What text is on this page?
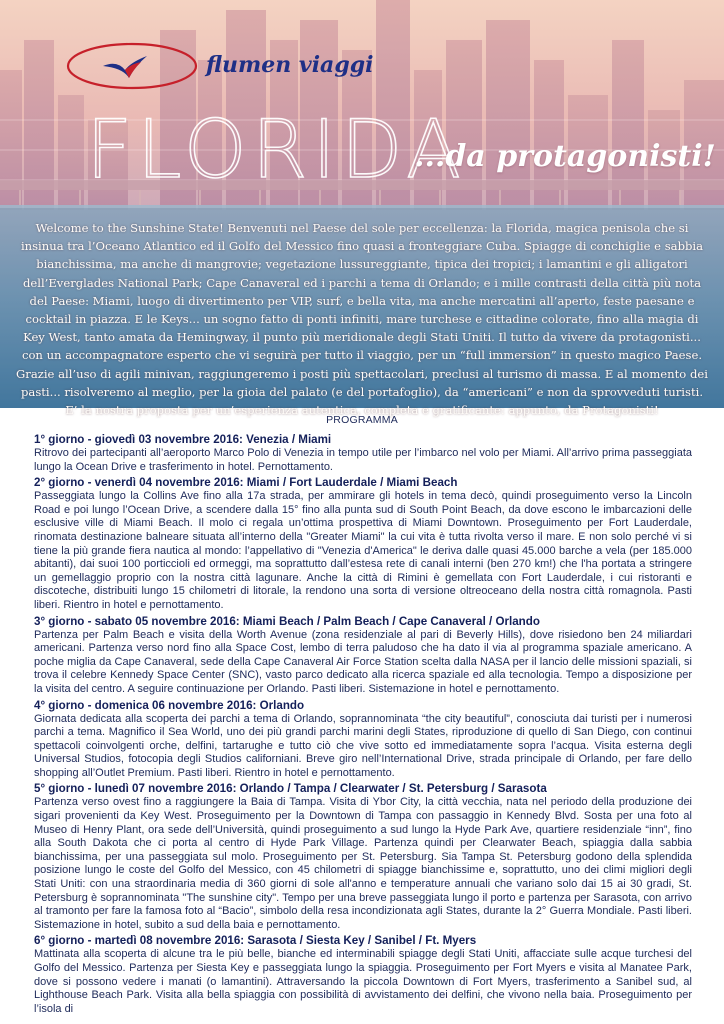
flumen viaggi
FLORIDA
...da protagonisti!
Welcome to the Sunshine State! Benvenuti nel Paese del sole per eccellenza: la Florida, magica penisola che si insinua tra l’Oceano Atlantico ed il Golfo del Messico fino quasi a fronteggiare Cuba. Spiagge di conchiglie e sabbia bianchissima, ma anche di mangrovie; vegetazione lussureggiante, tipica dei tropici; i lamantini e gli alligatori dell’Everglades National Park; Cape Canaveral ed i parchi a tema di Orlando; e i mille contrasti della città più nota del Paese: Miami, luogo di divertimento per VIP, surf, e bella vita, ma anche mercatini all’aperto, feste paesane e cocktail in piazza. E le Keys... un sogno fatto di ponti infiniti, mare turchese e cittadine colorate, fino alla magia di Key West, tanto amata da Hemingway, il punto più meridionale degli Stati Uniti. Il tutto da vivere da protagonisti... con un accompagnatore esperto che vi seguirà per tutto il viaggio, per un “full immersion” in questo magico Paese. Grazie all’uso di agili minivan, raggiungeremo i posti più spettacolari, preclusi al turismo di massa. E al momento dei pasti... risolveremo al meglio, per la gioia del palato (e del portafoglio), da “americani” e non da sprovveduti turisti. E’ la nostra proposta per un’esperienza autentica, completa e gratificante: appunto, da Protagonisti!
PROGRAMMA
1° giorno - giovedì 03 novembre 2016: Venezia / Miami

Ritrovo dei partecipanti all’aeroporto Marco Polo di Venezia in tempo utile per l’imbarco nel volo per Miami. All’arrivo prima passeggiata lungo la Ocean Drive e trasferimento in hotel. Pernottamento.

2° giorno - venerdì 04 novembre 2016: Miami / Fort Lauderdale / Miami Beach

Passeggiata lungo la Collins Ave fino alla 17a strada, per ammirare gli hotels in tema decò, quindi proseguimento verso la Lincoln Road e poi lungo l’Ocean Drive, a scendere dalla 15° fino alla punta sud di South Point Beach, da dove escono le imbarcazioni delle esclusive ville di Miami Beach. Il molo ci regala un’ottima prospettiva di Miami Downtown. Proseguimento per Fort Lauderdale, rinomata destinazione balneare situata all’interno della "Greater Miami" la cui vita è tutta rivolta verso il mare. E non solo perché vi si tiene la più grande fiera nautica al mondo: l’appellativo di "Venezia d'America" le deriva dalle quasi 45.000 barche a vela (per 185.000 abitanti), dai suoi 100 porticcioli ed ormeggi, ma soprattutto dall’estesa rete di canali interni (ben 270 km!) che l'ha portata a stringere un gemellaggio proprio con la nostra città lagunare. Anche la città di Rimini è gemellata con Fort Lauderdale, i cui ristoranti e discoteche, distribuiti lungo 15 chilometri di litorale, la rendono una sorta di versione oltreoceano della nostra città romagnola. Pasti liberi. Rientro in hotel e pernottamento.

3° giorno - sabato 05 novembre 2016: Miami Beach / Palm Beach / Cape Canaveral / Orlando

Partenza per Palm Beach e visita della Worth Avenue (zona residenziale al pari di Beverly Hills), dove risiedono ben 24 miliardari americani. Partenza verso nord fino alla Space Cost, lembo di terra paludoso che ha dato il via al programma spaziale americano. A poche miglia da Cape Canaveral, sede della Cape Canaveral Air Force Station scelta dalla NASA per il lancio delle missioni spaziali, si trova il celebre Kennedy Space Center (SNC), vasto parco dedicato alla ricerca spaziale ed alla tecnologia. Tempo a disposizione per la visita del centro. A seguire continuazione per Orlando. Pasti liberi. Sistemazione in hotel e pernottamento.

4° giorno - domenica 06 novembre 2016: Orlando

Giornata dedicata alla scoperta dei parchi a tema di Orlando, soprannominata “the city beautiful”, conosciuta dai turisti per i numerosi parchi a tema. Magnifico il Sea World, uno dei più grandi parchi marini degli States, riproduzione di quello di San Diego, con continui spettacoli coinvolgenti orche, delfini, tartarughe e tutto ciò che vive sotto ed immediatamente sopra l’acqua. Visita esterna degli Universal Studios, fotocopia degli Studios californiani. Breve giro nell’International Drive, strada principale di Orlando, per fare dello shopping all’Outlet Premium. Pasti liberi. Rientro in hotel e pernottamento.

5° giorno - lunedì 07 novembre 2016: Orlando / Tampa / Clearwater / St. Petersburg / Sarasota

Partenza verso ovest fino a raggiungere la Baia di Tampa. Visita di Ybor City, la città vecchia, nata nel periodo della produzione dei sigari provenienti da Key West. Proseguimento per la Downtown di Tampa con passaggio in Kennedy Blvd. Sosta per una foto al Museo di Henry Plant, ora sede dell’Università, quindi proseguimento a sud lungo la Hyde Park Ave, quartiere residenziale “inn”, fino alla South Dakota che ci porta al centro di Hyde Park Village. Partenza quindi per Clearwater Beach, spiaggia dalla sabbia bianchissima, per una passeggiata sul molo. Proseguimento per St. Petersburg. Sia Tampa St. Petersburg godono della splendida posizione lungo le coste del Golfo del Messico, con 45 chilometri di spiagge bianchissime e, soprattutto, uno dei climi migliori degli Stati Uniti: con una straordinaria media di 360 giorni di sole all'anno e temperature annuali che variano solo dai 15 ai 30 gradi, St. Petersburg è soprannominata "The sunshine city". Tempo per una breve passeggiata lungo il porto e partenza per Sarasota, con arrivo al tramonto per fare la famosa foto al “Bacio”, simbolo della resa incondizionata agli States, durante la 2° Guerra Mondiale. Pasti liberi. Sistemazione in hotel, subito a sud della baia e pernottamento.

6° giorno - martedì 08 novembre 2016: Sarasota / Siesta Key / Sanibel / Ft. Myers

Mattinata alla scoperta di alcune tra le più belle, bianche ed interminabili spiagge degli Stati Uniti, affacciate sulle acque turchesi del Golfo del Messico. Partenza per Siesta Key e passeggiata lungo la spiaggia. Proseguimento per Fort Myers e visita al Manatee Park, dove si possono vedere i manati (o lamantini). Attraversando la piccola Downtown di Fort Myers, trasferimento a Sanibel sud, al Lighthouse Beach Park. Visita alla bella spiaggia con possibilità di avvistamento dei delfini, che vivono nella baia. Proseguimento per l’isola di
